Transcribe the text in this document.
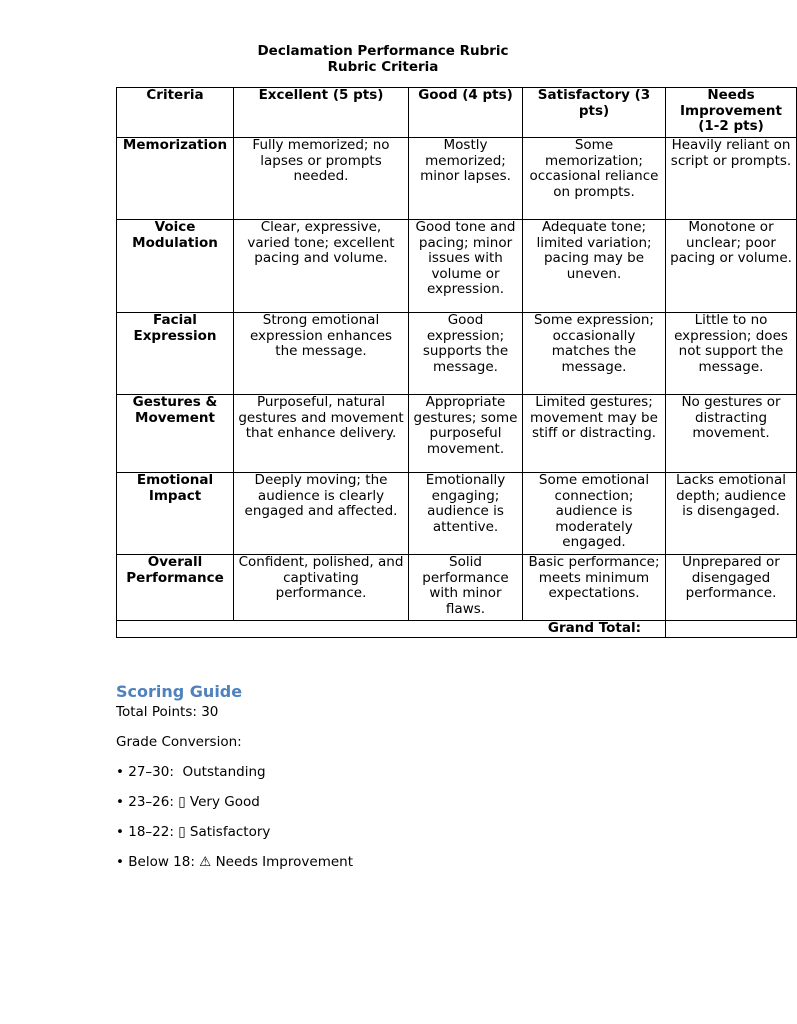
Declamation Performance Rubric
Rubric Criteria
Criteria	Excellent (5 pts)	Good (4 pts)	Satisfactory (3 pts)	Needs Improvement (1-2 pts)
Memorization	Fully memorized; no lapses or prompts needed.	Mostly memorized; minor lapses.	Some memorization; occasional reliance on prompts.	Heavily reliant on script or prompts.
Voice Modulation	Clear, expressive, varied tone; excellent pacing and volume.	Good tone and pacing; minor issues with volume or expression.	Adequate tone; limited variation; pacing may be uneven.	Monotone or unclear; poor pacing or volume.
Facial Expression	Strong emotional expression enhances the message.	Good expression; supports the message.	Some expression; occasionally matches the message.	Little to no expression; does not support the message.
Gestures & Movement	Purposeful, natural gestures and movement that enhance delivery.	Appropriate gestures; some purposeful movement.	Limited gestures; movement may be stiff or distracting.	No gestures or distracting movement.
Emotional Impact	Deeply moving; the audience is clearly engaged and affected.	Emotionally engaging; audience is attentive.	Some emotional connection; audience is moderately engaged.	Lacks emotional depth; audience is disengaged.
Overall Performance	Confident, polished, and captivating performance.	Solid performance with minor flaws.	Basic performance; meets minimum expectations.	Unprepared or disengaged performance.
Grand Total:				
Scoring Guide
Total Points: 30
Grade Conversion:
• 27–30:  Outstanding
• 23–26: ▯ Very Good
• 18–22: ▯ Satisfactory
• Below 18: ⚠ Needs Improvement
